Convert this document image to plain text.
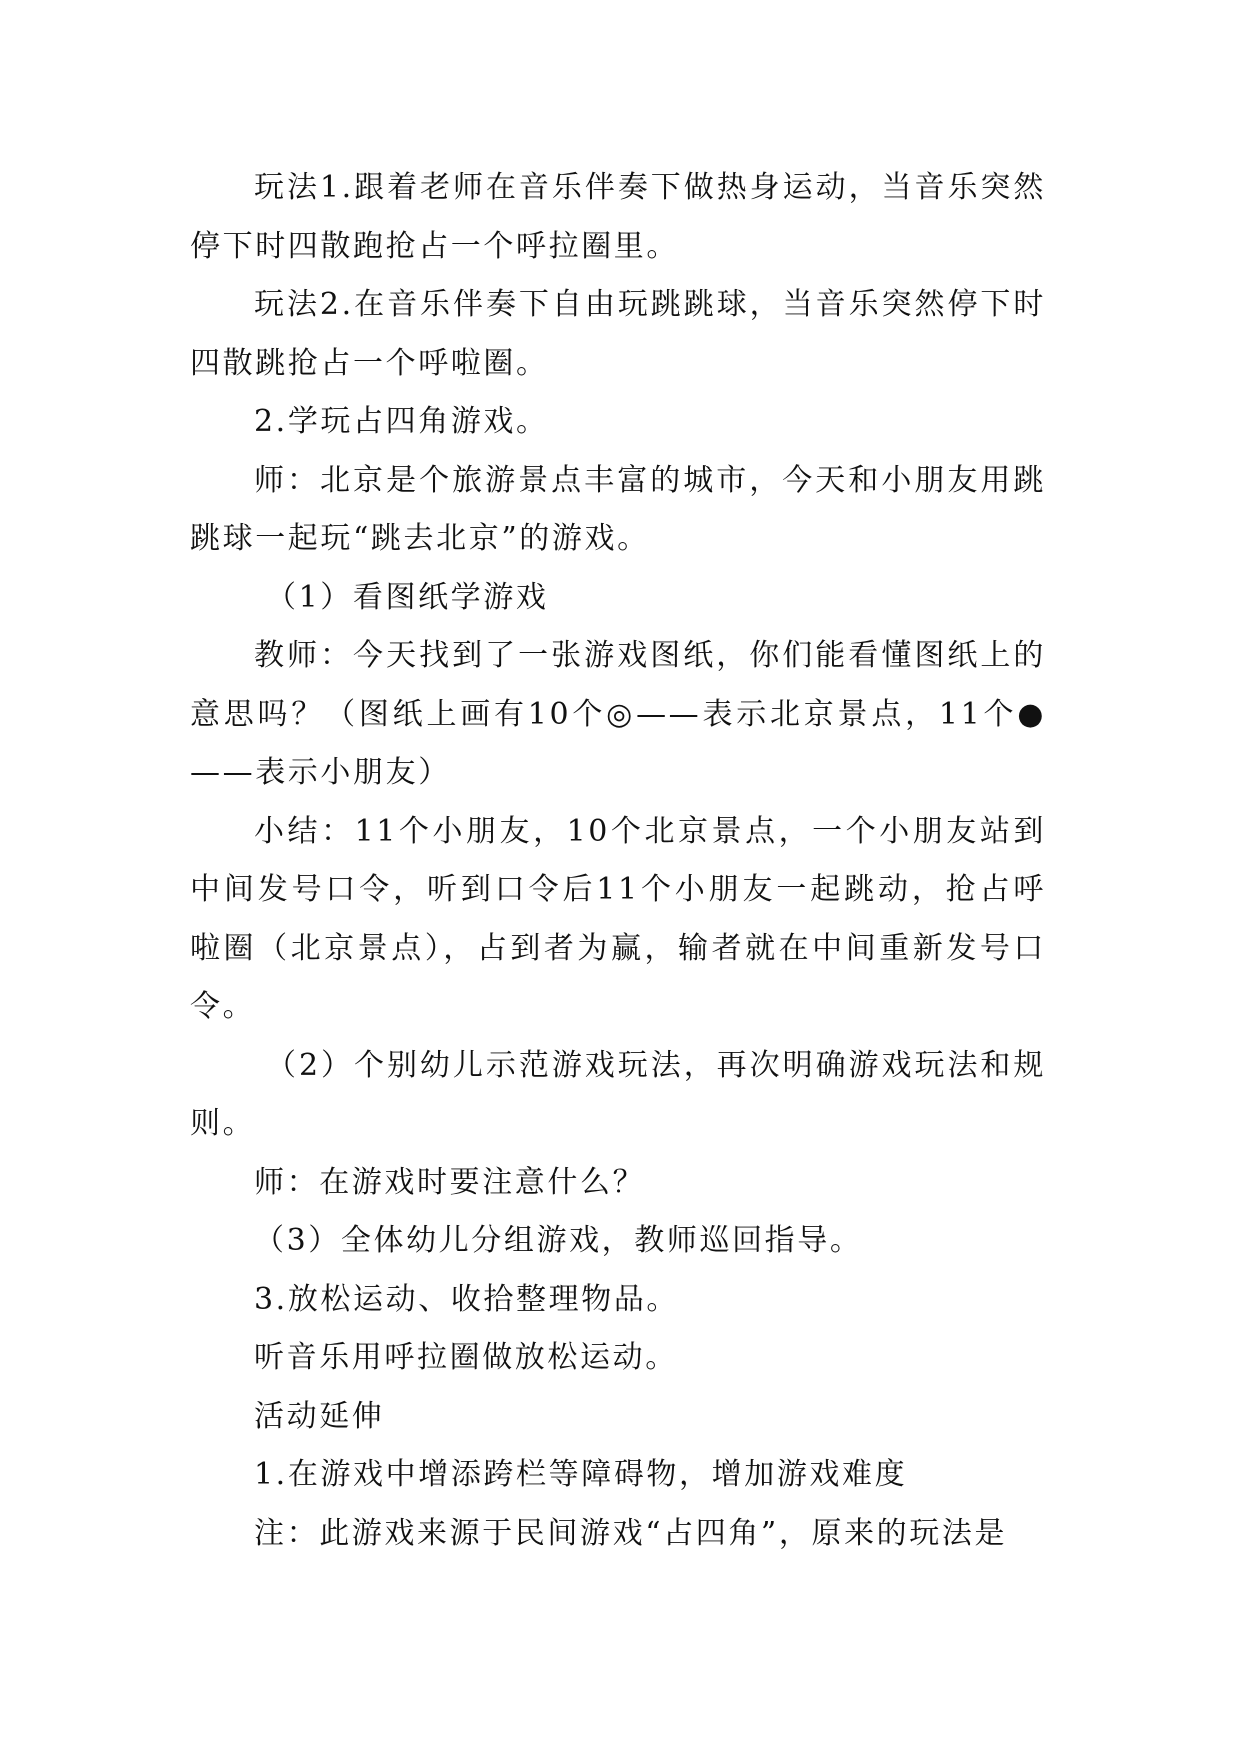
玩法1.跟着老师在音乐伴奏下做热身运动，当音乐突然停下时四散跑抢占一个呼拉圈里。

玩法2.在音乐伴奏下自由玩跳跳球，当音乐突然停下时四散跳抢占一个呼啦圈。

2.学玩占四角游戏。

师：北京是个旅游景点丰富的城市，今天和小朋友用跳跳球一起玩“跳去北京”的游戏。

（1）看图纸学游戏

教师：今天找到了一张游戏图纸，你们能看懂图纸上的意思吗？（图纸上画有10个◎——表示北京景点，11个●——表示小朋友）

小结：11个小朋友，10个北京景点，一个小朋友站到中间发号口令，听到口令后11个小朋友一起跳动，抢占呼啦圈（北京景点），占到者为赢，输者就在中间重新发号口令。

（2）个别幼儿示范游戏玩法，再次明确游戏玩法和规则。

师：在游戏时要注意什么？

（3）全体幼儿分组游戏，教师巡回指导。

3.放松运动、收拾整理物品。

听音乐用呼拉圈做放松运动。

活动延伸

1.在游戏中增添跨栏等障碍物，增加游戏难度

注：此游戏来源于民间游戏“占四角”，原来的玩法是
